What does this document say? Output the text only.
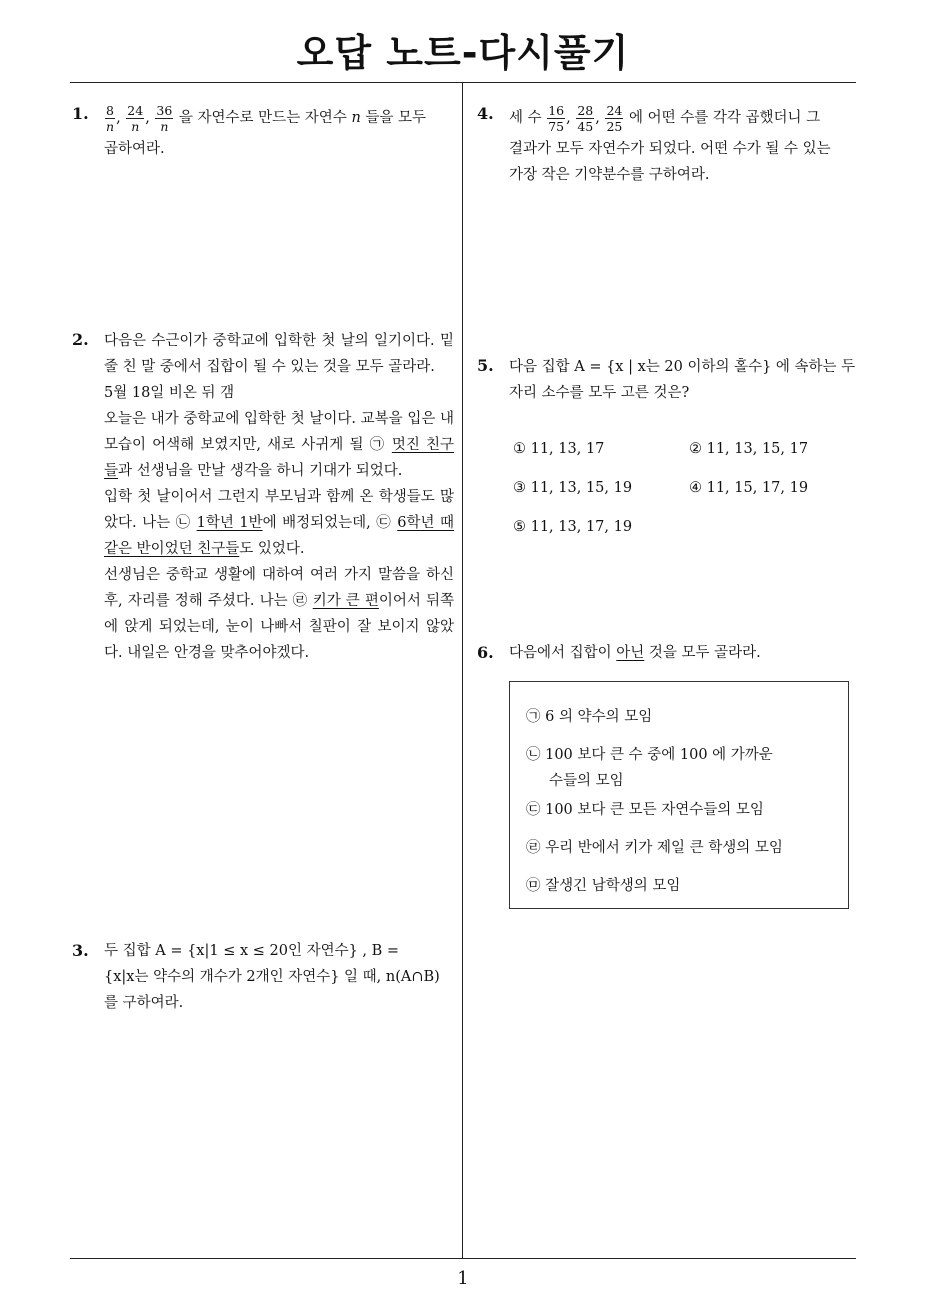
오답 노트-다시풀기
1
1. $\frac{8}{n}$ , $\frac{24}{n}$ , $\frac{36}{n}$ 을 자연수로 만드는 자연수 n 들을 모두
곱하여라.
2. 다음은 수근이가 중학교에 입학한 첫 날의 일기이다. 밑 줄 친 말 중에서 집합이 될 수 있는 것을 모두 골라라.

5월 18일 비온 뒤 갬

오늘은 내가 중학교에 입학한 첫 날이다. 교복을 입은 내 모습이 어색해 보였지만, 새로 사귀게 될 ㉠ 멋진 친구들과 선생님을 만날 생각을 하니 기대가 되었다.

입학 첫 날이어서 그런지 부모님과 함께 온 학생들도 많았다. 나는 ㉡ 1학년 1반에 배정되었는데, ㉢ 6학년 때 같은 반이었던 친구들도 있었다.

선생님은 중학교 생활에 대하여 여러 가지 말씀을 하신 후, 자리를 정해 주셨다. 나는 ㉣ 키가 큰 편이어서 뒤쪽에 앉게 되었는데, 눈이 나빠서 칠판이 잘 보이지 않았다. 내일은 안경을 맞추어야겠다.

3. 두 집합 A = {x|1 ≤ x ≤ 20인 자연수} , B =
{x|x는 약수의 개수가 2개인 자연수} 일 때, n(A∩B)
를 구하여라.
4. 세 수 $\frac{16}{75}$ , $\frac{28}{45}$ , $\frac{24}{25}$ 에 어떤 수를 각각 곱했더니 그
결과가 모두 자연수가 되었다. 어떤 수가 될 수 있는
가장 작은 기약분수를 구하여라.
5. 다음 집합 A = {x | x는 20 이하의 홀수} 에 속하는 두
자리 소수를 모두 고른 것은?
① 11, 13, 17	② 11, 13, 15, 17
③ 11, 13, 15, 19	④ 11, 15, 17, 19
⑤ 11, 13, 17, 19
6. 다음에서 집합이 아닌 것을 모두 골라라.
㉠ 6 의 약수의 모임
㉡ 100 보다 큰 수 중에 100 에 가까운
수들의 모임
㉢ 100 보다 큰 모든 자연수들의 모임
㉣ 우리 반에서 키가 제일 큰 학생의 모임
㉤ 잘생긴 남학생의 모임
